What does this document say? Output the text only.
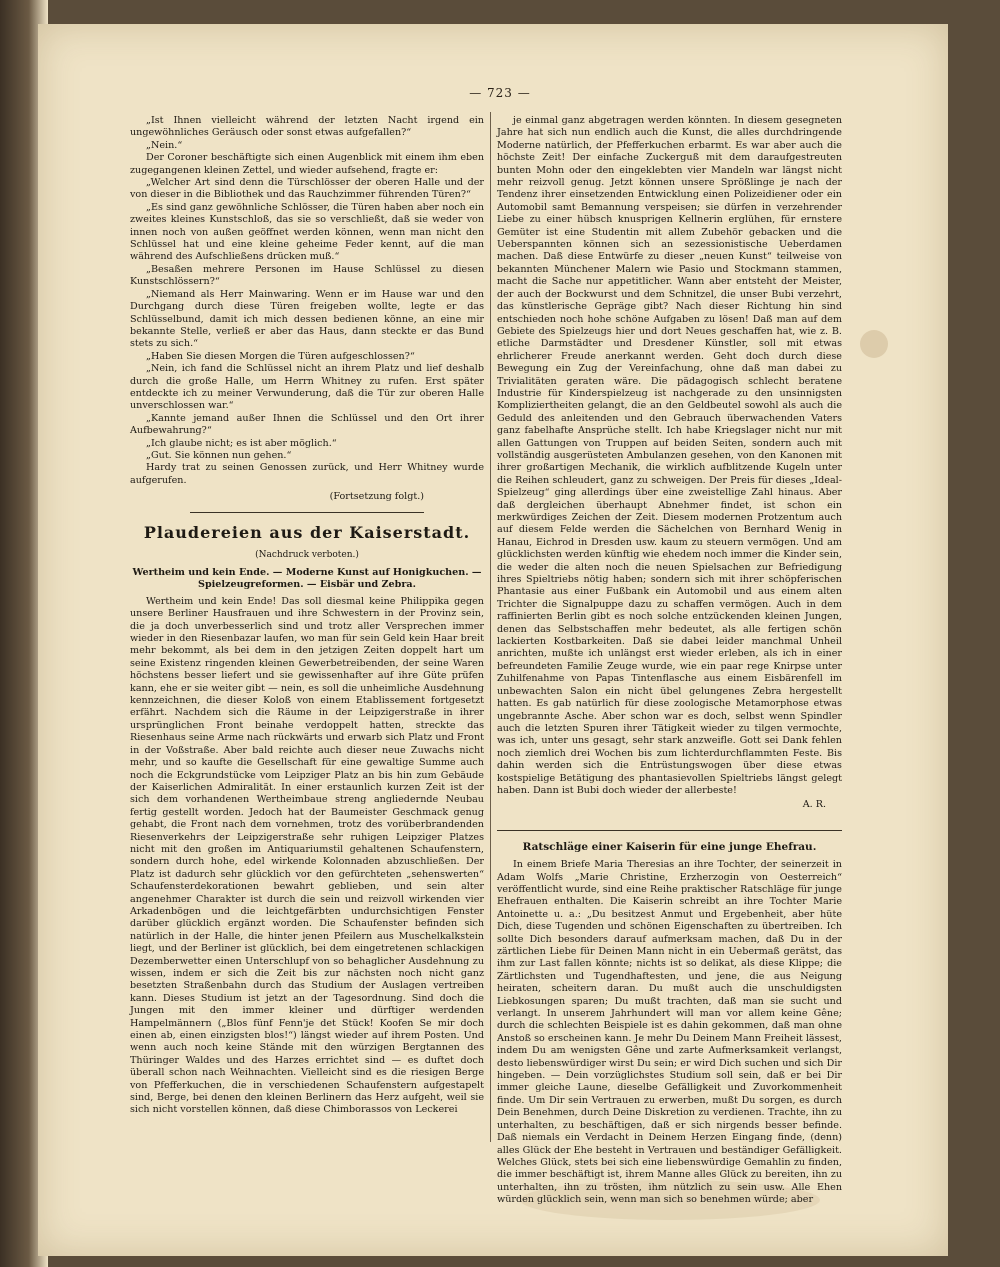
— 723 —

„Ist Ihnen vielleicht während der letzten Nacht irgend ein ungewöhnliches Geräusch oder sonst etwas aufgefallen?“

„Nein.“

Der Coroner beschäftigte sich einen Augenblick mit einem ihm eben zugegangenen kleinen Zettel, und wieder aufsehend, fragte er:

„Welcher Art sind denn die Türschlösser der oberen Halle und der von dieser in die Bibliothek und das Rauchzimmer führenden Türen?“

„Es sind ganz gewöhnliche Schlösser, die Türen haben aber noch ein zweites kleines Kunstschloß, das sie so verschließt, daß sie weder von innen noch von außen geöffnet werden können, wenn man nicht den Schlüssel hat und eine kleine geheime Feder kennt, auf die man während des Aufschließens drücken muß.“

„Besaßen mehrere Personen im Hause Schlüssel zu diesen Kunstschlössern?“

„Niemand als Herr Mainwaring. Wenn er im Hause war und den Durchgang durch diese Türen freigeben wollte, legte er das Schlüsselbund, damit ich mich dessen bedienen könne, an eine mir bekannte Stelle, verließ er aber das Haus, dann steckte er das Bund stets zu sich.“

„Haben Sie diesen Morgen die Türen aufgeschlossen?“

„Nein, ich fand die Schlüssel nicht an ihrem Platz und lief deshalb durch die große Halle, um Herrn Whitney zu rufen. Erst später entdeckte ich zu meiner Verwunderung, daß die Tür zur oberen Halle unverschlossen war.“

„Kannte jemand außer Ihnen die Schlüssel und den Ort ihrer Aufbewahrung?“

„Ich glaube nicht; es ist aber möglich.“

„Gut. Sie können nun gehen.“

Hardy trat zu seinen Genossen zurück, und Herr Whitney wurde aufgerufen.

(Fortsetzung folgt.)
Plaudereien aus der Kaiserstadt.
(Nachdruck verboten.)
Wertheim und kein Ende. — Moderne Kunst auf Honigkuchen. — Spielzeugreformen. — Eisbär und Zebra.

Wertheim und kein Ende! Das soll diesmal keine Philippika gegen unsere Berliner Hausfrauen und ihre Schwestern in der Provinz sein, die ja doch unverbesserlich sind und trotz aller Versprechen immer wieder in den Riesenbazar laufen, wo man für sein Geld kein Haar breit mehr bekommt, als bei dem in den jetzigen Zeiten doppelt hart um seine Existenz ringenden kleinen Gewerbetreibenden, der seine Waren höchstens besser liefert und sie gewissenhafter auf ihre Güte prüfen kann, ehe er sie weiter gibt — nein, es soll die unheimliche Ausdehnung kennzeichnen, die dieser Koloß von einem Etablissement fortgesetzt erfährt. Nachdem sich die Räume in der Leipzigerstraße in ihrer ursprünglichen Front beinahe verdoppelt hatten, streckte das Riesenhaus seine Arme nach rückwärts und erwarb sich Platz und Front in der Voßstraße. Aber bald reichte auch dieser neue Zuwachs nicht mehr, und so kaufte die Gesellschaft für eine gewaltige Summe auch noch die Eckgrundstücke vom Leipziger Platz an bis hin zum Gebäude der Kaiserlichen Admiralität. In einer erstaunlich kurzen Zeit ist der sich dem vorhandenen Wertheimbaue streng angliedernde Neubau fertig gestellt worden. Jedoch hat der Baumeister Geschmack genug gehabt, die Front nach dem vornehmen, trotz des vorüberbrandenden Riesenverkehrs der Leipzigerstraße sehr ruhigen Leipziger Platzes nicht mit den großen im Antiquariumstil gehaltenen Schaufenstern, sondern durch hohe, edel wirkende Kolonnaden abzuschließen. Der Platz ist dadurch sehr glücklich vor den gefürchteten „sehenswerten“ Schaufensterdekorationen bewahrt geblieben, und sein alter angenehmer Charakter ist durch die sein und reizvoll wirkenden vier Arkadenbögen und die leichtgefärbten undurchsichtigen Fenster darüber glücklich ergänzt worden. Die Schaufenster befinden sich natürlich in der Halle, die hinter jenen Pfeilern aus Muschelkalkstein liegt, und der Berliner ist glücklich, bei dem eingetretenen schlackigen Dezemberwetter einen Unterschlupf von so behaglicher Ausdehnung zu wissen, indem er sich die Zeit bis zur nächsten noch nicht ganz besetzten Straßenbahn durch das Studium der Auslagen vertreiben kann. Dieses Studium ist jetzt an der Tagesordnung. Sind doch die Jungen mit den immer kleiner und dürftiger werdenden Hampelmännern („Blos fünf Fenn'je det Stück! Koofen Se mir doch einen ab, einen einzigsten blos!“) längst wieder auf ihrem Posten. Und wenn auch noch keine Stände mit den würzigen Bergtannen des Thüringer Waldes und des Harzes errichtet sind — es duftet doch überall schon nach Weihnachten. Vielleicht sind es die riesigen Berge von Pfefferkuchen, die in verschiedenen Schaufenstern aufgestapelt sind, Berge, bei denen den kleinen Berlinern das Herz aufgeht, weil sie sich nicht vorstellen können, daß diese Chimborassos von Leckerei

je einmal ganz abgetragen werden könnten. In diesem gesegneten Jahre hat sich nun endlich auch die Kunst, die alles durchdringende Moderne natürlich, der Pfefferkuchen erbarmt. Es war aber auch die höchste Zeit! Der einfache Zuckerguß mit dem daraufgestreuten bunten Mohn oder den eingeklebten vier Mandeln war längst nicht mehr reizvoll genug. Jetzt können unsere Sprößlinge je nach der Tendenz ihrer einsetzenden Entwicklung einen Polizeidiener oder ein Automobil samt Bemannung verspeisen; sie dürfen in verzehrender Liebe zu einer hübsch knusprigen Kellnerin erglühen, für ernstere Gemüter ist eine Studentin mit allem Zubehör gebacken und die Ueberspannten können sich an sezessionistische Ueberdamen machen. Daß diese Entwürfe zu dieser „neuen Kunst“ teilweise von bekannten Münchener Malern wie Pasio und Stockmann stammen, macht die Sache nur appetitlicher. Wann aber entsteht der Meister, der auch der Bockwurst und dem Schnitzel, die unser Bubi verzehrt, das künstlerische Gepräge gibt? Nach dieser Richtung hin sind entschieden noch hohe schöne Aufgaben zu lösen! Daß man auf dem Gebiete des Spielzeugs hier und dort Neues geschaffen hat, wie z. B. etliche Darmstädter und Dresdener Künstler, soll mit etwas ehrlicherer Freude anerkannt werden. Geht doch durch diese Bewegung ein Zug der Vereinfachung, ohne daß man dabei zu Trivialitäten geraten wäre. Die pädagogisch schlecht beratene Industrie für Kinderspielzeug ist nachgerade zu den unsinnigsten Kompliziertheiten gelangt, die an den Geldbeutel sowohl als auch die Geduld des anleitenden und den Gebrauch überwachenden Vaters ganz fabelhafte Ansprüche stellt. Ich habe Kriegslager nicht nur mit allen Gattungen von Truppen auf beiden Seiten, sondern auch mit vollständig ausgerüsteten Ambulanzen gesehen, von den Kanonen mit ihrer großartigen Mechanik, die wirklich aufblitzende Kugeln unter die Reihen schleudert, ganz zu schweigen. Der Preis für dieses „Ideal-Spielzeug“ ging allerdings über eine zweistellige Zahl hinaus. Aber daß dergleichen überhaupt Abnehmer findet, ist schon ein merkwürdiges Zeichen der Zeit. Diesem modernen Protzentum auch auf diesem Felde werden die Sächelchen von Bernhard Wenig in Hanau, Eichrod in Dresden usw. kaum zu steuern vermögen. Und am glücklichsten werden künftig wie ehedem noch immer die Kinder sein, die weder die alten noch die neuen Spielsachen zur Befriedigung ihres Spieltriebs nötig haben; sondern sich mit ihrer schöpferischen Phantasie aus einer Fußbank ein Automobil und aus einem alten Trichter die Signalpuppe dazu zu schaffen vermögen. Auch in dem raffinierten Berlin gibt es noch solche entzückenden kleinen Jungen, denen das Selbstschaffen mehr bedeutet, als alle fertigen schön lackierten Kostbarkeiten. Daß sie dabei leider manchmal Unheil anrichten, mußte ich unlängst erst wieder erleben, als ich in einer befreundeten Familie Zeuge wurde, wie ein paar rege Knirpse unter Zuhilfenahme von Papas Tintenflasche aus einem Eisbärenfell im unbewachten Salon ein nicht übel gelungenes Zebra hergestellt hatten. Es gab natürlich für diese zoologische Metamorphose etwas ungebrannte Asche. Aber schon war es doch, selbst wenn Spindler auch die letzten Spuren ihrer Tätigkeit wieder zu tilgen vermochte, was ich, unter uns gesagt, sehr stark anzweifle. Gott sei Dank fehlen noch ziemlich drei Wochen bis zum lichterdurchflammten Feste. Bis dahin werden sich die Entrüstungswogen über diese etwas kostspielige Betätigung des phantasievollen Spieltriebs längst gelegt haben. Dann ist Bubi doch wieder der allerbeste!

A. R.
Ratschläge einer Kaiserin für eine junge Ehefrau.

In einem Briefe Maria Theresias an ihre Tochter, der seinerzeit in Adam Wolfs „Marie Christine, Erzherzogin von Oesterreich“ veröffentlicht wurde, sind eine Reihe praktischer Ratschläge für junge Ehefrauen enthalten. Die Kaiserin schreibt an ihre Tochter Marie Antoinette u. a.: „Du besitzest Anmut und Ergebenheit, aber hüte Dich, diese Tugenden und schönen Eigenschaften zu übertreiben. Ich sollte Dich besonders darauf aufmerksam machen, daß Du in der zärtlichen Liebe für Deinen Mann nicht in ein Uebermaß gerätst, das ihm zur Last fallen könnte; nichts ist so delikat, als diese Klippe; die Zärtlichsten und Tugendhaftesten, und jene, die aus Neigung heiraten, scheitern daran. Du mußt auch die unschuldigsten Liebkosungen sparen; Du mußt trachten, daß man sie sucht und verlangt. In unserem Jahrhundert will man vor allem keine Gêne; durch die schlechten Beispiele ist es dahin gekommen, daß man ohne Anstoß so erscheinen kann. Je mehr Du Deinem Mann Freiheit lässest, indem Du am wenigsten Gêne und zarte Aufmerksamkeit verlangst, desto liebenswürdiger wirst Du sein; er wird Dich suchen und sich Dir hingeben. — Dein vorzüglichstes Studium soll sein, daß er bei Dir immer gleiche Laune, dieselbe Gefälligkeit und Zuvorkommenheit finde. Um Dir sein Vertrauen zu erwerben, mußt Du sorgen, es durch Dein Benehmen, durch Deine Diskretion zu verdienen. Trachte, ihn zu unterhalten, zu beschäftigen, daß er sich nirgends besser befinde. Daß niemals ein Verdacht in Deinem Herzen Eingang finde, (denn) alles Glück der Ehe besteht in Vertrauen und beständiger Gefälligkeit. Welches Glück, stets bei sich eine liebenswürdige Gemahlin zu finden, die immer beschäftigt ist, ihrem Manne alles Glück zu bereiten, ihn zu unterhalten, ihn zu trösten, ihm nützlich zu sein usw. Alle Ehen würden glücklich sein, wenn man sich so benehmen würde; aber
